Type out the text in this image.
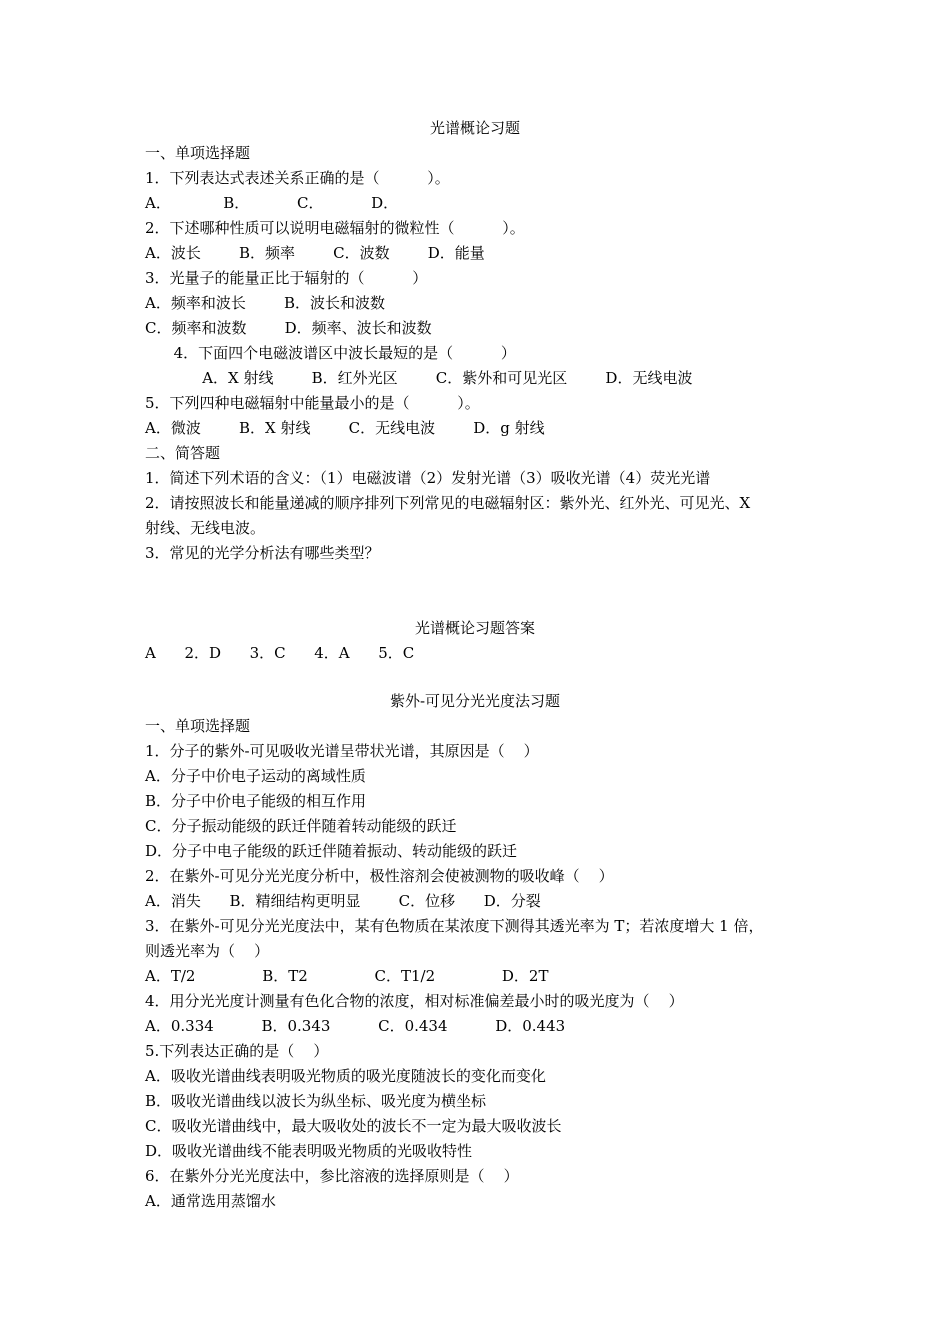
光谱概论习题
一、单项选择题
1．下列表达式表述关系正确的是（          ）。
A．           B．          C．          D．
2．下述哪种性质可以说明电磁辐射的微粒性（          ）。
A．波长        B．频率        C．波数        D．能量
3．光量子的能量正比于辐射的（          ）
A．频率和波长        B．波长和波数
C．频率和波数        D．频率、波长和波数
4．下面四个电磁波谱区中波长最短的是（          ）
A．X 射线        B．红外光区        C．紫外和可见光区        D．无线电波
5．下列四种电磁辐射中能量最小的是（          ）。
A．微波        B．X 射线        C．无线电波        D．g 射线
二、简答题
1．简述下列术语的含义：（1）电磁波谱（2）发射光谱（3）吸收光谱（4）荧光光谱
2．请按照波长和能量递减的顺序排列下列常见的电磁辐射区：紫外光、红外光、可见光、X
射线、无线电波。
3．常见的光学分析法有哪些类型？
光谱概论习题答案
A      2．D      3．C      4．A      5．C
紫外-可见分光光度法习题
一、单项选择题
1．分子的紫外-可见吸收光谱呈带状光谱，其原因是（    ）
A．分子中价电子运动的离域性质
B．分子中价电子能级的相互作用
C．分子振动能级的跃迁伴随着转动能级的跃迁
D．分子中电子能级的跃迁伴随着振动、转动能级的跃迁
2．在紫外-可见分光光度分析中，极性溶剂会使被测物的吸收峰（    ）
A．消失      B．精细结构更明显        C．位移      D．分裂
3．在紫外-可见分光光度法中，某有色物质在某浓度下测得其透光率为 T；若浓度增大 1 倍，
则透光率为（    ）
A．T/2              B．T2              C．T1/2              D．2T
4．用分光光度计测量有色化合物的浓度，相对标准偏差最小时的吸光度为（    ）
A．0.334          B．0.343          C．0.434          D．0.443
5.下列表达正确的是（    ）
A．吸收光谱曲线表明吸光物质的吸光度随波长的变化而变化
B．吸收光谱曲线以波长为纵坐标、吸光度为横坐标
C．吸收光谱曲线中，最大吸收处的波长不一定为最大吸收波长
D．吸收光谱曲线不能表明吸光物质的光吸收特性
6．在紫外分光光度法中，参比溶液的选择原则是（    ）
A．通常选用蒸馏水
